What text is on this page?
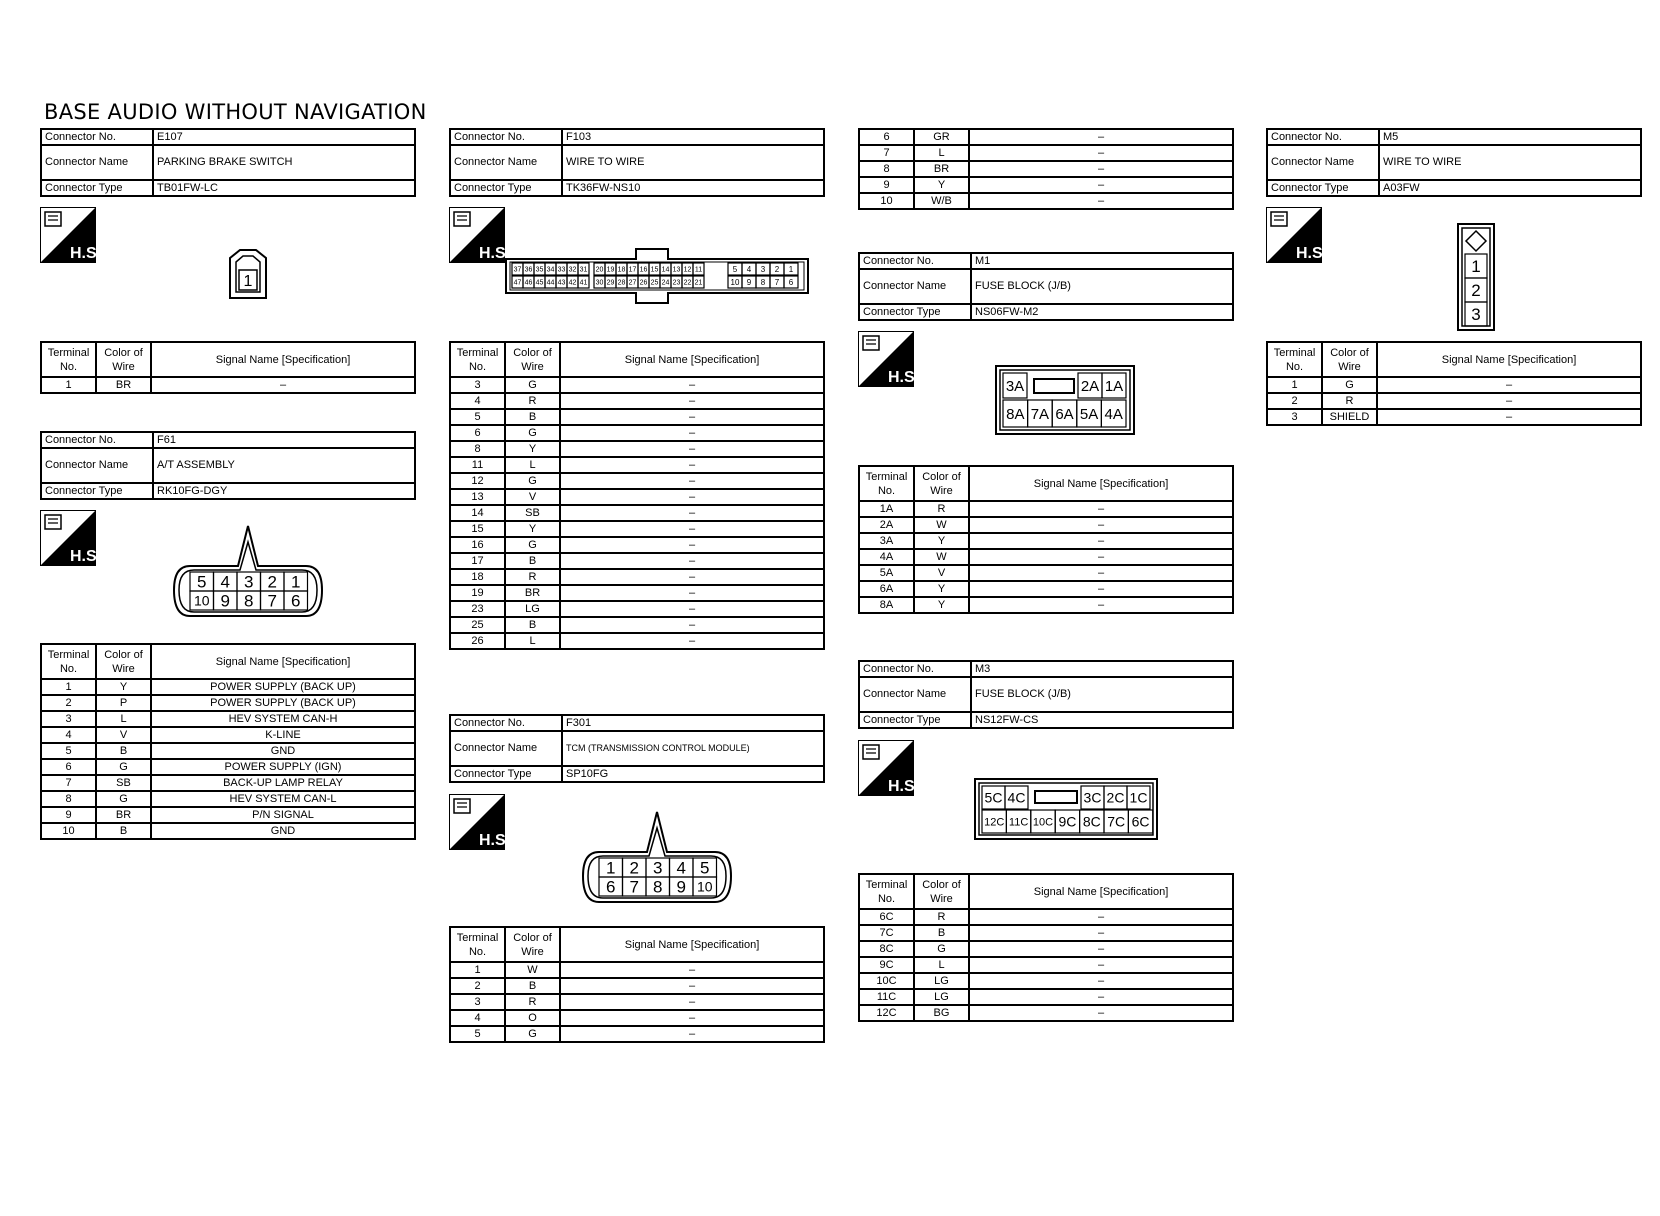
BASE AUDIO WITHOUT NAVIGATION
Connector No.	E107
Connector Name	PARKING BRAKE SWITCH
Connector Type	TB01FW-LC
H.S.
1
Terminal No.	Color of Wire	Signal Name [Specification]
1	BR	–
Connector No.	F61
Connector Name	A/T ASSEMBLY
Connector Type	RK10FG-DGY
H.S.
5
10
4
9
3
8
2
7
1
6
Terminal No.	Color of Wire	Signal Name [Specification]
1	Y	POWER SUPPLY (BACK UP)
2	P	POWER SUPPLY (BACK UP)
3	L	HEV SYSTEM CAN-H
4	V	K-LINE
5	B	GND
6	G	POWER SUPPLY (IGN)
7	SB	BACK-UP LAMP RELAY
8	G	HEV SYSTEM CAN-L
9	BR	P/N SIGNAL
10	B	GND
Connector No.	F103
Connector Name	WIRE TO WIRE
Connector Type	TK36FW-NS10
H.S.
37
47
36
46
35
45
34
44
33
43
32
42
31
41
20
30
19
29
18
28
17
27
16
26
15
25
14
24
13
23
12
22
11
21
5
10
4
9
3
8
2
7
1
6
Terminal No.	Color of Wire	Signal Name [Specification]
3	G	–
4	R	–
5	B	–
6	G	–
8	Y	–
11	L	–
12	G	–
13	V	–
14	SB	–
15	Y	–
16	G	–
17	B	–
18	R	–
19	BR	–
23	LG	–
25	B	–
26	L	–
Connector No.	F301
Connector Name	TCM (TRANSMISSION CONTROL MODULE)
Connector Type	SP10FG
H.S.
1
6
2
7
3
8
4
9
5
10
Terminal No.	Color of Wire	Signal Name [Specification]
1	W	–
2	B	–
3	R	–
4	O	–
5	G	–
6	GR	–
7	L	–
8	BR	–
9	Y	–
10	W/B	–
Connector No.	M1
Connector Name	FUSE BLOCK (J/B)
Connector Type	NS06FW-M2
H.S.
3A	2A 1A
8A 7A 6A 5A 4A
Terminal No.	Color of Wire	Signal Name [Specification]
1A	R	–
2A	W	–
3A	Y	–
4A	W	–
5A	V	–
6A	Y	–
8A	Y	–
Connector No.	M3
Connector Name	FUSE BLOCK (J/B)
Connector Type	NS12FW-CS
H.S.
5C 4C	3C 2C 1C
12C 11C 10C 9C 8C 7C 6C
Terminal No.	Color of Wire	Signal Name [Specification]
6C	R	–
7C	B	–
8C	G	–
9C	L	–
10C	LG	–
11C	LG	–
12C	BG	–
Connector No.	M5
Connector Name	WIRE TO WIRE
Connector Type	A03FW
H.S.
1
2
3
Terminal No.	Color of Wire	Signal Name [Specification]
1	G	–
2	R	–
3	SHIELD	–
